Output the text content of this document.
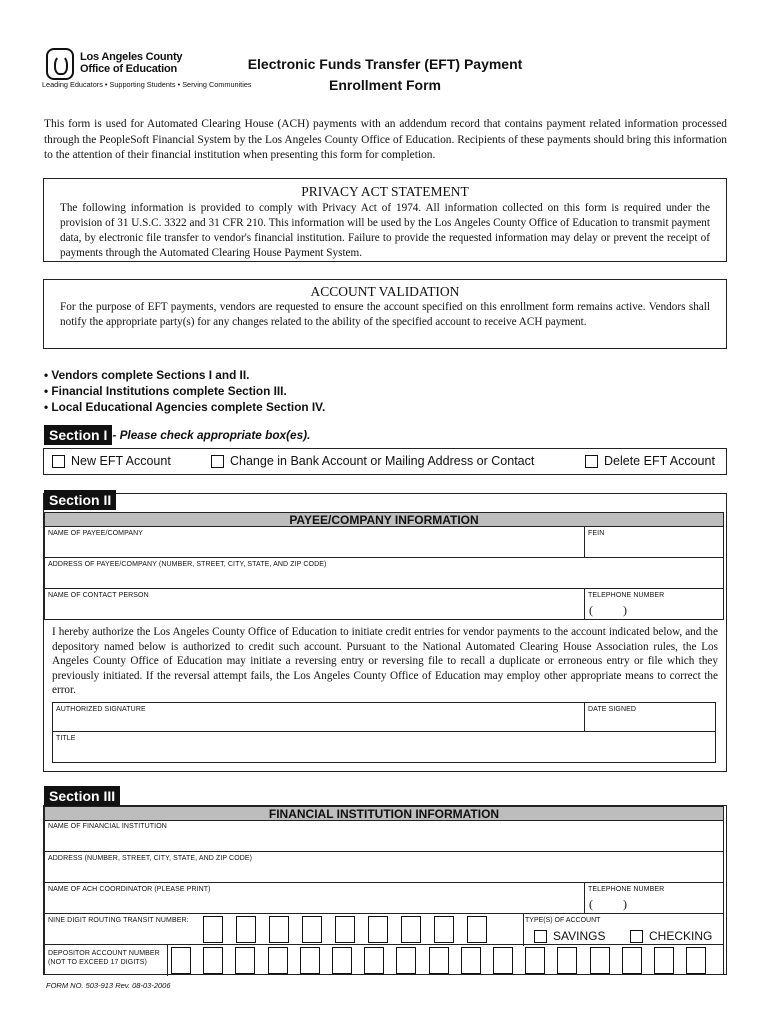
Los Angeles County
Office of Education
Leading Educators • Supporting Students • Serving Communities
Electronic Funds Transfer (EFT) Payment
Enrollment Form
This form is used for Automated Clearing House (ACH) payments with an addendum record that contains payment related information processed through the PeopleSoft Financial System by the Los Angeles County Office of Education. Recipients of these payments should bring this information to the attention of their financial institution when presenting this form for completion.
PRIVACY ACT STATEMENT
The following information is provided to comply with Privacy Act of 1974. All information collected on this form is required under the provision of 31 U.S.C. 3322 and 31 CFR 210. This information will be used by the Los Angeles County Office of Education to transmit payment data, by electronic file transfer to vendor's financial institution. Failure to provide the requested information may delay or prevent the receipt of payments through the Automated Clearing House Payment System.
ACCOUNT VALIDATION
For the purpose of EFT payments, vendors are requested to ensure the account specified on this enrollment form remains active. Vendors shall notify the appropriate party(s) for any changes related to the ability of the specified account to receive ACH payment.
• Vendors complete Sections I and II.
• Financial Institutions complete Section III.
• Local Educational Agencies complete Section IV.
Section I - Please check appropriate box(es).
New EFT Account	Change in Bank Account or Mailing Address or Contact	Delete EFT Account
Section II
PAYEE/COMPANY INFORMATION
NAME OF PAYEE/COMPANY	FEIN
ADDRESS OF PAYEE/COMPANY (NUMBER, STREET, CITY, STATE, AND ZIP CODE)
NAME OF CONTACT PERSON	TELEPHONE NUMBER
(          )
I hereby authorize the Los Angeles County Office of Education to initiate credit entries for vendor payments to the account indicated below, and the depository named below is authorized to credit such account. Pursuant to the National Automated Clearing House Association rules, the Los Angeles County Office of Education may initiate a reversing entry or reversing file to recall a duplicate or erroneous entry or file which they previously initiated. If the reversal attempt fails, the Los Angeles County Office of Education may employ other appropriate means to correct the error.
AUTHORIZED SIGNATURE	DATE SIGNED
TITLE
Section III
FINANCIAL INSTITUTION INFORMATION
NAME OF FINANCIAL INSTITUTION
ADDRESS (NUMBER, STREET, CITY, STATE, AND ZIP CODE)
NAME OF ACH COORDINATOR (PLEASE PRINT)	TELEPHONE NUMBER
(          )
NINE DIGIT ROUTING TRANSIT NUMBER:	TYPE(S) OF ACCOUNT
SAVINGS	CHECKING
DEPOSITOR ACCOUNT NUMBER
(NOT TO EXCEED 17 DIGITS)
FORM NO. 503-913 Rev. 08-03-2006
